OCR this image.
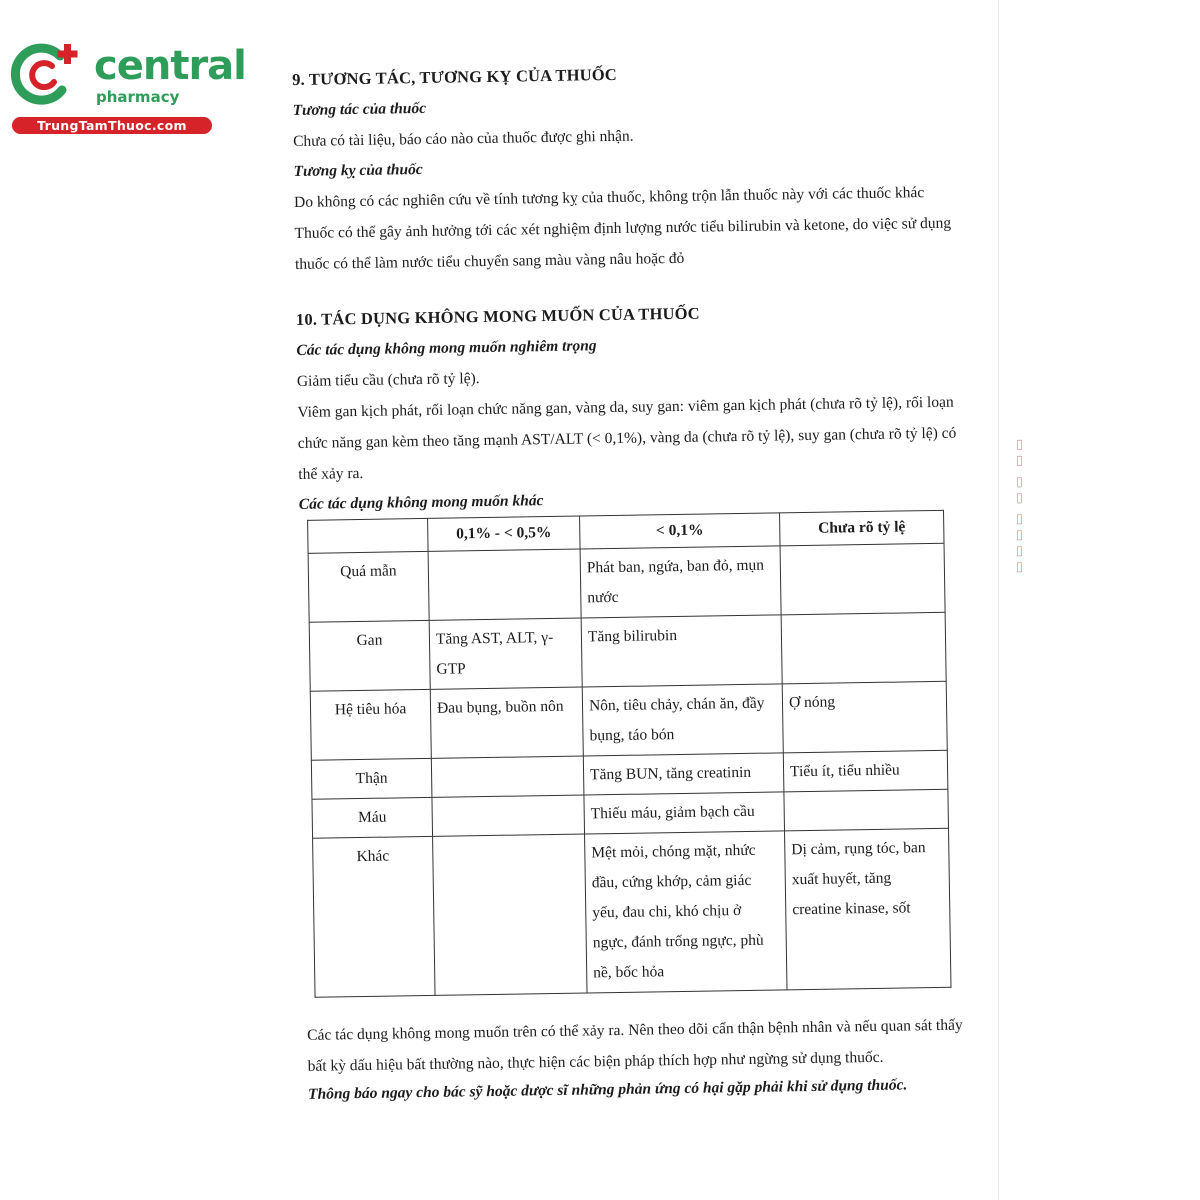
central
pharmacy
TrungTamThuoc.com
9. TƯƠNG TÁC, TƯƠNG KỴ CỦA THUỐC
Tương tác của thuốc

Chưa có tài liệu, báo cáo nào của thuốc được ghi nhận.

Tương kỵ của thuốc

Do không có các nghiên cứu về tính tương kỵ của thuốc, không trộn lẫn thuốc này với các thuốc khác

Thuốc có thể gây ảnh hưởng tới các xét nghiệm định lượng nước tiểu bilirubin và ketone, do việc sử dụng thuốc có thể làm nước tiểu chuyển sang màu vàng nâu hoặc đỏ

10. TÁC DỤNG KHÔNG MONG MUỐN CỦA THUỐC
Các tác dụng không mong muốn nghiêm trọng

Giảm tiểu cầu (chưa rõ tỷ lệ).

Viêm gan kịch phát, rối loạn chức năng gan, vàng da, suy gan: viêm gan kịch phát (chưa rõ tỷ lệ), rối loạn chức năng gan kèm theo tăng mạnh AST/ALT (< 0,1%), vàng da (chưa rõ tỷ lệ), suy gan (chưa rõ tỷ lệ) có thể xảy ra.

Các tác dụng không mong muốn khác
	0,1% - < 0,5%	< 0,1%	Chưa rõ tỷ lệ
Quá mẫn		Phát ban, ngứa, ban đỏ, mụn nước	
Gan	Tăng AST, ALT, γ-GTP	Tăng bilirubin	
Hệ tiêu hóa	Đau bụng, buồn nôn	Nôn, tiêu chảy, chán ăn, đầy bụng, táo bón	Ợ nóng
Thận		Tăng BUN, tăng creatinin	Tiểu ít, tiểu nhiều
Máu		Thiếu máu, giảm bạch cầu	
Khác		Mệt mỏi, chóng mặt, nhức đầu, cứng khớp, cảm giác yếu, đau chi, khó chịu ở ngực, đánh trống ngực, phù nề, bốc hỏa	Dị cảm, rụng tóc, ban xuất huyết, tăng creatine kinase, sốt

Các tác dụng không mong muốn trên có thể xảy ra. Nên theo dõi cẩn thận bệnh nhân và nếu quan sát thấy bất kỳ dấu hiệu bất thường nào, thực hiện các biện pháp thích hợp như ngừng sử dụng thuốc.

Thông báo ngay cho bác sỹ hoặc dược sĩ những phản ứng có hại gặp phải khi sử dụng thuốc.
▯▯▯▯ ▯▯ ▯▯
